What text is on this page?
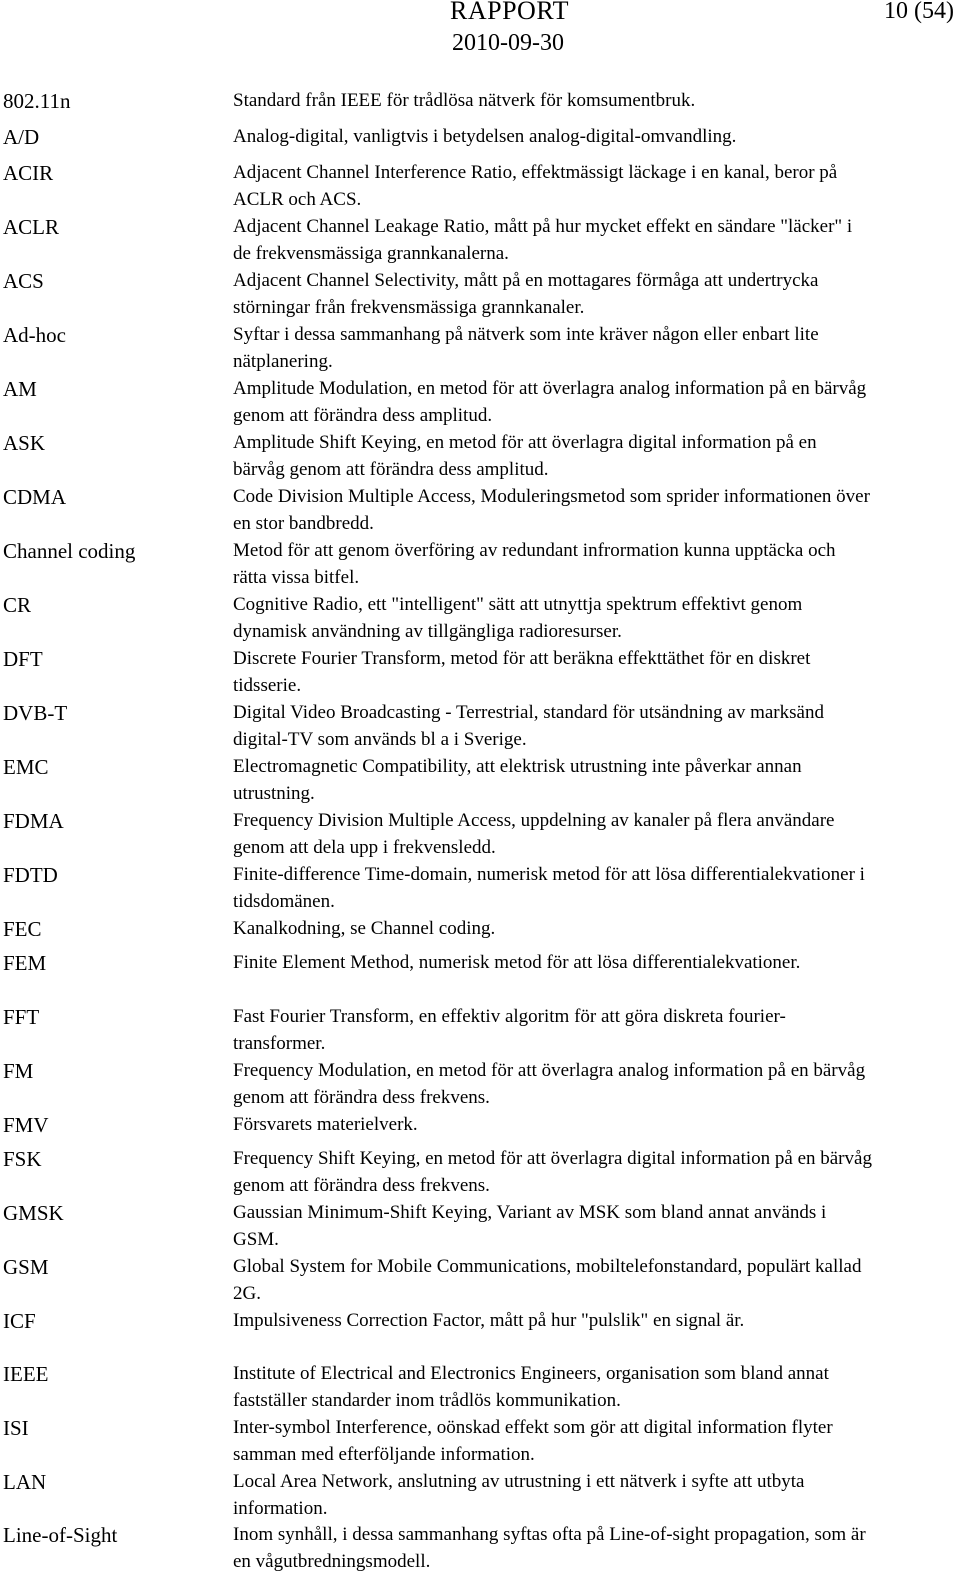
RAPPORT
2010-09-30
10 (54)
802.11n	Standard från IEEE för trådlösa nätverk för komsumentbruk.
A/D	Analog-digital, vanligtvis i betydelsen analog-digital-omvandling.
ACIR	Adjacent Channel Interference Ratio, effektmässigt läckage i en kanal, beror på ACLR och ACS.
ACLR	Adjacent Channel Leakage Ratio, mått på hur mycket effekt en sändare "läcker" i de frekvensmässiga grannkanalerna.
ACS	Adjacent Channel Selectivity, mått på en mottagares förmåga att undertrycka störningar från frekvensmässiga grannkanaler.
Ad-hoc	Syftar i dessa sammanhang på nätverk som inte kräver någon eller enbart lite nätplanering.
AM	Amplitude Modulation, en metod för att överlagra analog information på en bärvåg genom att förändra dess amplitud.
ASK	Amplitude Shift Keying, en metod för att överlagra digital information på en bärvåg genom att förändra dess amplitud.
CDMA	Code Division Multiple Access, Moduleringsmetod som sprider informationen över en stor bandbredd.
Channel coding	Metod för att genom överföring av redundant infrormation kunna upptäcka och rätta vissa bitfel.
CR	Cognitive Radio, ett "intelligent" sätt att utnyttja spektrum effektivt genom dynamisk användning av tillgängliga radioresurser.
DFT	Discrete Fourier Transform, metod för att beräkna effekttäthet för en diskret tidsserie.
DVB-T	Digital Video Broadcasting - Terrestrial, standard för utsändning av marksänd digital-TV som används bl a i Sverige.
EMC	Electromagnetic Compatibility, att elektrisk utrustning inte påverkar annan utrustning.
FDMA	Frequency Division Multiple Access, uppdelning av kanaler på flera användare genom att dela upp i frekvensledd.
FDTD	Finite-difference Time-domain, numerisk metod för att lösa differentialekvationer i tidsdomänen.
FEC	Kanalkodning, se Channel coding.
FEM	Finite Element Method, numerisk metod för att lösa differentialekvationer.
FFT	Fast Fourier Transform, en effektiv algoritm för att göra diskreta fourier-transformer.
FM	Frequency Modulation, en metod för att överlagra analog information på en bärvåg genom att förändra dess frekvens.
FMV	Försvarets materielverk.
FSK	Frequency Shift Keying, en metod för att överlagra digital information på en bärvåg genom att förändra dess frekvens.
GMSK	Gaussian Minimum-Shift Keying, Variant av MSK som bland annat används i GSM.
GSM	Global System for Mobile Communications, mobiltelefonstandard, populärt kallad 2G.
ICF	Impulsiveness Correction Factor, mått på hur "pulslik" en signal är.
IEEE	Institute of Electrical and Electronics Engineers, organisation som bland annat fastställer standarder inom trådlös kommunikation.
ISI	Inter-symbol Interference, oönskad effekt som gör att digital information flyter samman med efterföljande information.
LAN	Local Area Network, anslutning av utrustning i ett nätverk i syfte att utbyta information.
Line-of-Sight	Inom synhåll, i dessa sammanhang syftas ofta på Line-of-sight propagation, som är en vågutbredningsmodell.
